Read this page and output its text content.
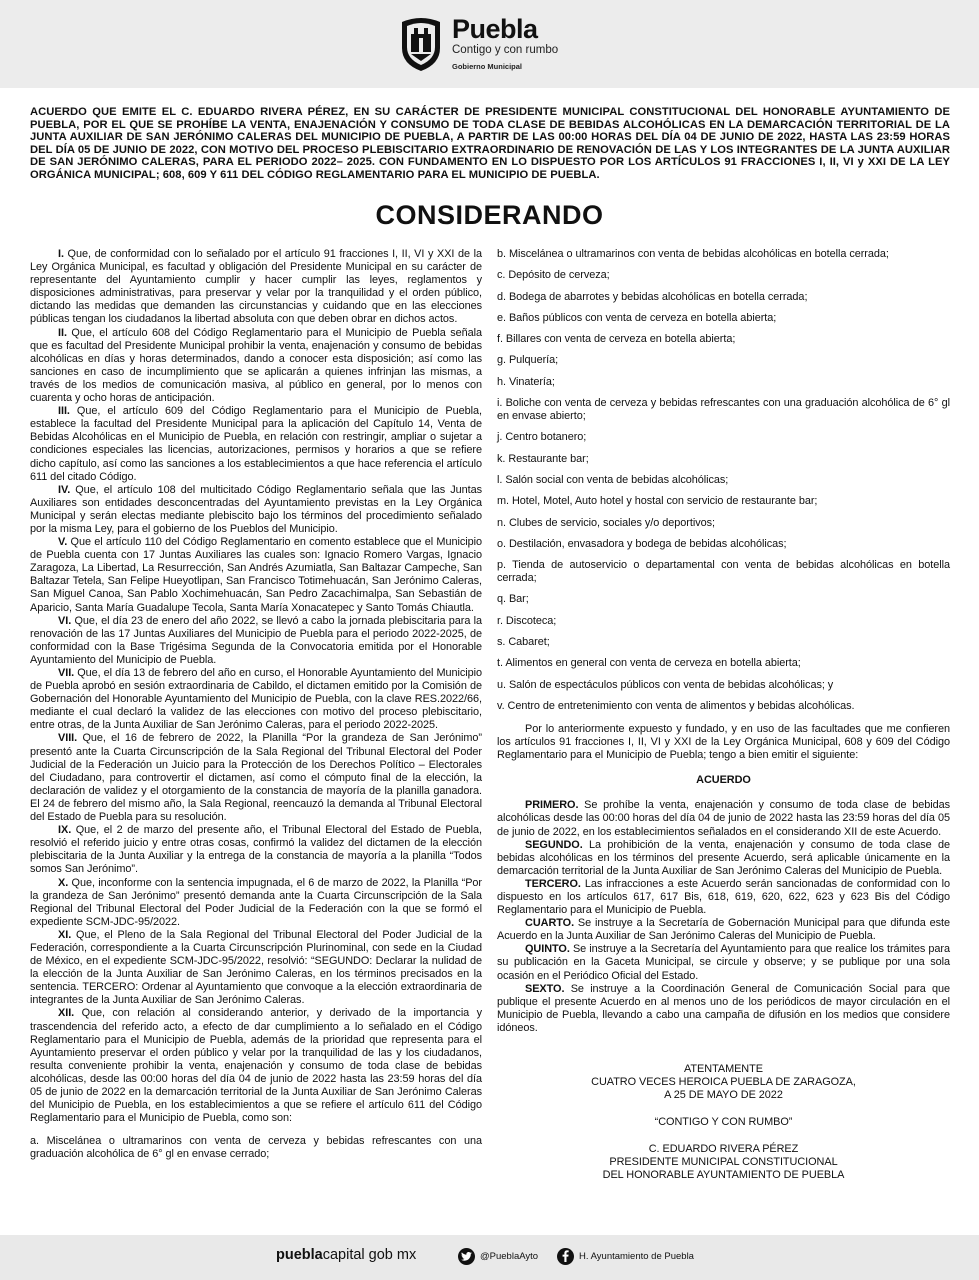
Puebla
Contigo y con rumbo
Gobierno Municipal
ACUERDO QUE EMITE EL C. EDUARDO RIVERA PÉREZ, EN SU CARÁCTER DE PRESIDENTE MUNICIPAL CONSTITUCIONAL DEL HONORABLE AYUNTAMIENTO DE PUEBLA, POR EL QUE SE PROHÍBE LA VENTA, ENAJENACIÓN Y CONSUMO DE TODA CLASE DE BEBIDAS ALCOHÓLICAS EN LA DEMARCACIÓN TERRITORIAL DE LA JUNTA AUXILIAR DE SAN JERÓNIMO CALERAS DEL MUNICIPIO DE PUEBLA, A PARTIR DE LAS 00:00 HORAS DEL DÍA 04 DE JUNIO DE 2022, HASTA LAS 23:59 HORAS DEL DÍA 05 DE JUNIO DE 2022, CON MOTIVO DEL PROCESO PLEBISCITARIO EXTRAORDINARIO DE RENOVACIÓN DE LAS Y LOS INTEGRANTES DE LA JUNTA AUXILIAR DE SAN JERÓNIMO CALERAS, PARA EL PERIODO 2022– 2025. CON FUNDAMENTO EN LO DISPUESTO POR LOS ARTÍCULOS 91 FRACCIONES I, II, VI y XXI DE LA LEY ORGÁNICA MUNICIPAL; 608, 609 Y 611 DEL CÓDIGO REGLAMENTARIO PARA EL MUNICIPIO DE PUEBLA.
CONSIDERANDO

I. Que, de conformidad con lo señalado por el artículo 91 fracciones I, II, VI y XXI de la Ley Orgánica Municipal, es facultad y obligación del Presidente Municipal en su carácter de representante del Ayuntamiento cumplir y hacer cumplir las leyes, reglamentos y disposiciones administrativas, para preservar y velar por la tranquilidad y el orden público, dictando las medidas que demanden las circunstancias y cuidando que en las elecciones públicas tengan los ciudadanos la libertad absoluta con que deben obrar en dichos actos.

II. Que, el artículo 608 del Código Reglamentario para el Municipio de Puebla señala que es facultad del Presidente Municipal prohibir la venta, enajenación y consumo de bebidas alcohólicas en días y horas determinados, dando a conocer esta disposición; así como las sanciones en caso de incumplimiento que se aplicarán a quienes infrinjan las mismas, a través de los medios de comunicación masiva, al público en general, por lo menos con cuarenta y ocho horas de anticipación.

III. Que, el artículo 609 del Código Reglamentario para el Municipio de Puebla, establece la facultad del Presidente Municipal para la aplicación del Capítulo 14, Venta de Bebidas Alcohólicas en el Municipio de Puebla, en relación con restringir, ampliar o sujetar a condiciones especiales las licencias, autorizaciones, permisos y horarios a que se refiere dicho capítulo, así como las sanciones a los establecimientos a que hace referencia el artículo 611 del citado Código.

IV. Que, el artículo 108 del multicitado Código Reglamentario señala que las Juntas Auxiliares son entidades desconcentradas del Ayuntamiento previstas en la Ley Orgánica Municipal y serán electas mediante plebiscito bajo los términos del procedimiento señalado por la misma Ley, para el gobierno de los Pueblos del Municipio.

V. Que el artículo 110 del Código Reglamentario en comento establece que el Municipio de Puebla cuenta con 17 Juntas Auxiliares las cuales son: Ignacio Romero Vargas, Ignacio Zaragoza, La Libertad, La Resurrección, San Andrés Azumiatla, San Baltazar Campeche, San Baltazar Tetela, San Felipe Hueyotlipan, San Francisco Totimehuacán, San Jerónimo Caleras, San Miguel Canoa, San Pablo Xochimehuacán, San Pedro Zacachimalpa, San Sebastián de Aparicio, Santa María Guadalupe Tecola, Santa María Xonacatepec y Santo Tomás Chiautla.

VI. Que, el día 23 de enero del año 2022, se llevó a cabo la jornada plebiscitaria para la renovación de las 17 Juntas Auxiliares del Municipio de Puebla para el periodo 2022-2025, de conformidad con la Base Trigésima Segunda de la Convocatoria emitida por el Honorable Ayuntamiento del Municipio de Puebla.

VII. Que, el día 13 de febrero del año en curso, el Honorable Ayuntamiento del Municipio de Puebla aprobó en sesión extraordinaria de Cabildo, el dictamen emitido por la Comisión de Gobernación del Honorable Ayuntamiento del Municipio de Puebla, con la clave RES.2022/66, mediante el cual declaró la validez de las elecciones con motivo del proceso plebiscitario, entre otras, de la Junta Auxiliar de San Jerónimo Caleras, para el periodo 2022-2025.

VIII. Que, el 16 de febrero de 2022, la Planilla “Por la grandeza de San Jerónimo” presentó ante la Cuarta Circunscripción de la Sala Regional del Tribunal Electoral del Poder Judicial de la Federación un Juicio para la Protección de los Derechos Político – Electorales del Ciudadano, para controvertir el dictamen, así como el cómputo final de la elección, la declaración de validez y el otorgamiento de la constancia de mayoría de la planilla ganadora. El 24 de febrero del mismo año, la Sala Regional, reencauzó la demanda al Tribunal Electoral del Estado de Puebla para su resolución.

IX. Que, el 2 de marzo del presente año, el Tribunal Electoral del Estado de Puebla, resolvió el referido juicio y entre otras cosas, confirmó la validez del dictamen de la elección plebiscitaria de la Junta Auxiliar y la entrega de la constancia de mayoría a la planilla “Todos somos San Jerónimo”.

X. Que, inconforme con la sentencia impugnada, el 6 de marzo de 2022, la Planilla “Por la grandeza de San Jerónimo” presentó demanda ante la Cuarta Circunscripción de la Sala Regional del Tribunal Electoral del Poder Judicial de la Federación con la que se formó el expediente SCM-JDC-95/2022.

XI. Que, el Pleno de la Sala Regional del Tribunal Electoral del Poder Judicial de la Federación, correspondiente a la Cuarta Circunscripción Plurinominal, con sede en la Ciudad de México, en el expediente SCM-JDC-95/2022, resolvió: “SEGUNDO: Declarar la nulidad de la elección de la Junta Auxiliar de San Jerónimo Caleras, en los términos precisados en la sentencia. TERCERO: Ordenar al Ayuntamiento que convoque a la elección extraordinaria de integrantes de la Junta Auxiliar de San Jerónimo Caleras.

XII. Que, con relación al considerando anterior, y derivado de la importancia y trascendencia del referido acto, a efecto de dar cumplimiento a lo señalado en el Código Reglamentario para el Municipio de Puebla, además de la prioridad que representa para el Ayuntamiento preservar el orden público y velar por la tranquilidad de las y los ciudadanos, resulta conveniente prohibir la venta, enajenación y consumo de toda clase de bebidas alcohólicas, desde las 00:00 horas del día 04 de junio de 2022 hasta las 23:59 horas del día 05 de junio de 2022 en la demarcación territorial de la Junta Auxiliar de San Jerónimo Caleras del Municipio de Puebla, en los establecimientos a que se refiere el artículo 611 del Código Reglamentario para el Municipio de Puebla, como son:

a. Miscelánea o ultramarinos con venta de cerveza y bebidas refrescantes con una graduación alcohólica de 6° gl en envase cerrado;

b. Miscelánea o ultramarinos con venta de bebidas alcohólicas en botella cerrada;

c. Depósito de cerveza;

d. Bodega de abarrotes y bebidas alcohólicas en botella cerrada;

e. Baños públicos con venta de cerveza en botella abierta;

f. Billares con venta de cerveza en botella abierta;

g. Pulquería;

h. Vinatería;

i. Boliche con venta de cerveza y bebidas refrescantes con una graduación alcohólica de 6° gl en envase abierto;

j. Centro botanero;

k. Restaurante bar;

l. Salón social con venta de bebidas alcohólicas;

m. Hotel, Motel, Auto hotel y hostal con servicio de restaurante bar;

n. Clubes de servicio, sociales y/o deportivos;

o. Destilación, envasadora y bodega de bebidas alcohólicas;

p. Tienda de autoservicio o departamental con venta de bebidas alcohólicas en botella cerrada;

q. Bar;

r. Discoteca;

s. Cabaret;

t. Alimentos en general con venta de cerveza en botella abierta;

u. Salón de espectáculos públicos con venta de bebidas alcohólicas; y

v. Centro de entretenimiento con venta de alimentos y bebidas alcohólicas.

Por lo anteriormente expuesto y fundado, y en uso de las facultades que me confieren los artículos 91 fracciones I, II, VI y XXI de la Ley Orgánica Municipal, 608 y 609 del Código Reglamentario para el Municipio de Puebla; tengo a bien emitir el siguiente:

ACUERDO

PRIMERO. Se prohíbe la venta, enajenación y consumo de toda clase de bebidas alcohólicas desde las 00:00 horas del día 04 de junio de 2022 hasta las 23:59 horas del día 05 de junio de 2022, en los establecimientos señalados en el considerando XII de este Acuerdo.

SEGUNDO. La prohibición de la venta, enajenación y consumo de toda clase de bebidas alcohólicas en los términos del presente Acuerdo, será aplicable únicamente en la demarcación territorial de la Junta Auxiliar de San Jerónimo Caleras del Municipio de Puebla.

TERCERO. Las infracciones a este Acuerdo serán sancionadas de conformidad con lo dispuesto en los artículos 617, 617 Bis, 618, 619, 620, 622, 623 y 623 Bis del Código Reglamentario para el Municipio de Puebla.

CUARTO. Se instruye a la Secretaría de Gobernación Municipal para que difunda este Acuerdo en la Junta Auxiliar de San Jerónimo Caleras del Municipio de Puebla.

QUINTO. Se instruye a la Secretaría del Ayuntamiento para que realice los trámites para su publicación en la Gaceta Municipal, se circule y observe; y se publique por una sola ocasión en el Periódico Oficial del Estado.

SEXTO. Se instruye a la Coordinación General de Comunicación Social para que publique el presente Acuerdo en al menos uno de los periódicos de mayor circulación en el Municipio de Puebla, llevando a cabo una campaña de difusión en los medios que considere idóneos.

ATENTAMENTE
CUATRO VECES HEROICA PUEBLA DE ZARAGOZA,
A 25 DE MAYO DE 2022
“CONTIGO Y CON RUMBO”
C. EDUARDO RIVERA PÉREZ
PRESIDENTE MUNICIPAL CONSTITUCIONAL
DEL HONORABLE AYUNTAMIENTO DE PUEBLA
pueblacapital gob mx	@PueblaAyto	H. Ayuntamiento de Puebla
